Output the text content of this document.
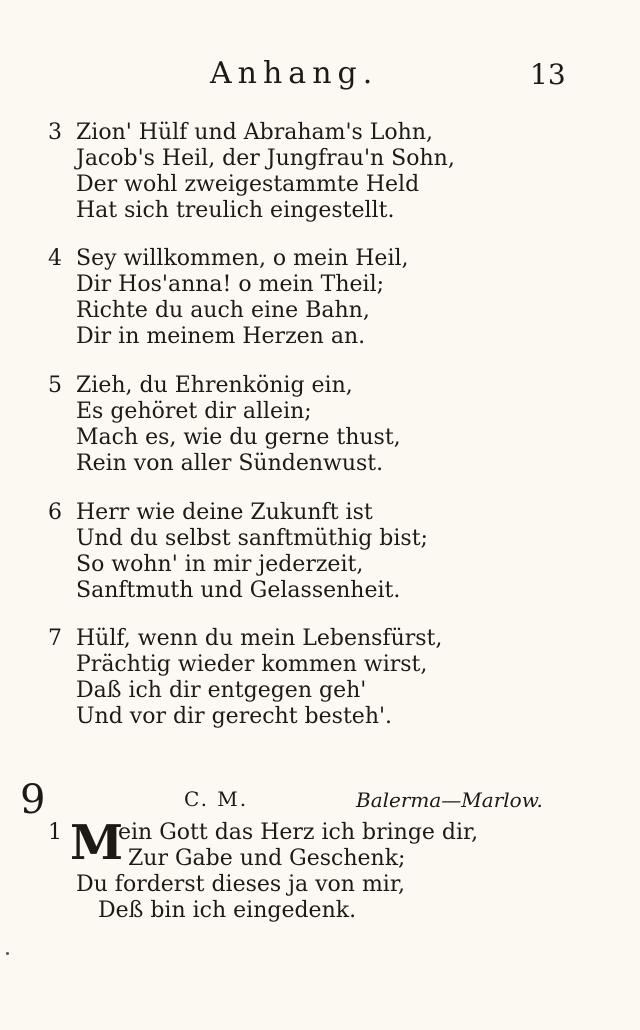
Anhang.	13
3 Zion' Hülf und Abraham's Lohn,
Jacob's Heil, der Jungfrau'n Sohn,
Der wohl zweigestammte Held
Hat sich treulich eingestellt.
4 Sey willkommen, o mein Heil,
Dir Hos'anna! o mein Theil;
Richte du auch eine Bahn,
Dir in meinem Herzen an.
5 Zieh, du Ehrenkönig ein,
Es gehöret dir allein;
Mach es, wie du gerne thust,
Rein von aller Sündenwust.
6 Herr wie deine Zukunft ist
Und du selbst sanftmüthig bist;
So wohn' in mir jederzeit,
Sanftmuth und Gelassenheit.
7 Hülf, wenn du mein Lebensfürst,
Prächtig wieder kommen wirst,
Daß ich dir entgegen geh'
Und vor dir gerecht besteh'.
9	C. M.	Balerma—Marlow.
1 M
ein Gott das Herz ich bringe dir,
Zur Gabe und Geschenk;
Du forderst dieses ja von mir,
Deß bin ich eingedenk.
